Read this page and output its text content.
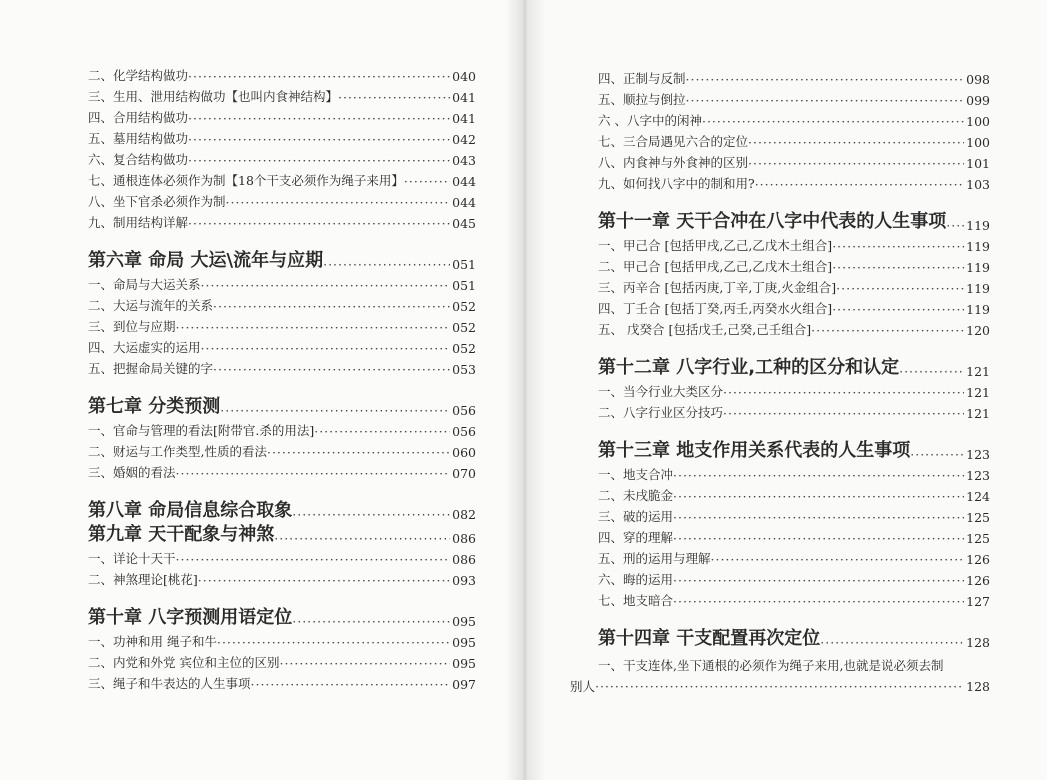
二、化学结构做功 ·····	040
三、生用、泄用结构做功【也叫内食神结构】 ·····	041
四、合用结构做功 ·····	041
五、墓用结构做功 ·····	042
六、复合结构做功 ·····	043
七、通根连体必须作为制【18个干支必须作为绳子来用】 ·····	044
八、坐下官杀必须作为制 ·····	044
九、制用结构详解 ·····	045
第六章 命局 大运\流年与应期 ·····	051
一、命局与大运关系 ·····	051
二、大运与流年的关系 ·····	052
三、到位与应期 ·····	052
四、大运虚实的运用 ·····	052
五、把握命局关键的字 ·····	053
第七章 分类预测 ·····	056
一、官命与管理的看法[附带官.杀的用法] ·····	056
二、财运与工作类型,性质的看法 ·····	060
三、婚姻的看法 ·····	070
第八章 命局信息综合取象 ·····	082
第九章 天干配象与神煞 ·····	086
一、详论十天干 ·····	086
二、神煞理论[桃花] ·····	093
第十章 八字预测用语定位 ·····	095
一、功神和用 绳子和牛 ·····	095
二、内党和外党 宾位和主位的区别 ·····	095
三、绳子和牛表达的人生事项 ·····	097
四、正制与反制 ·····	098
五、顺拉与倒拉 ·····	099
六 、八字中的闲神 ·····	100
七、三合局遇见六合的定位 ·····	100
八、内食神与外食神的区别 ·····	101
九、如何找八字中的制和用? ·····	103
第十一章 天干合冲在八字中代表的人生事项 ····· 119
一、甲己合 [包括甲戌,乙己,乙戊木土组合] ·····	119
二、甲己合 [包括甲戌,乙己,乙戊木土组合] ·····	119
三、丙辛合 [包括丙庚,丁辛,丁庚,火金组合] ·····	119
四、丁壬合 [包括丁癸,丙壬,丙癸水火组合] ·····	119
五、 戊癸合 [包括戊壬,己癸,己壬组合] ·····	120
第十二章 八字行业,工种的区分和认定 ·····	121
一、当今行业大类区分 ·····	121
二、八字行业区分技巧 ·····	121
第十三章 地支作用关系代表的人生事项 ·····	123
一、地支合冲 ·····	123
二、未戌脆金 ·····	124
三、破的运用 ·····	125
四、穿的理解 ·····	125
五、刑的运用与理解 ·····	126
六、晦的运用 ·····	126
七、地支暗合 ·····	127
第十四章 干支配置再次定位 ·····	128
一、干支连体,坐下通根的必须作为绳子来用,也就是说必须去制
别人 ·····	128
